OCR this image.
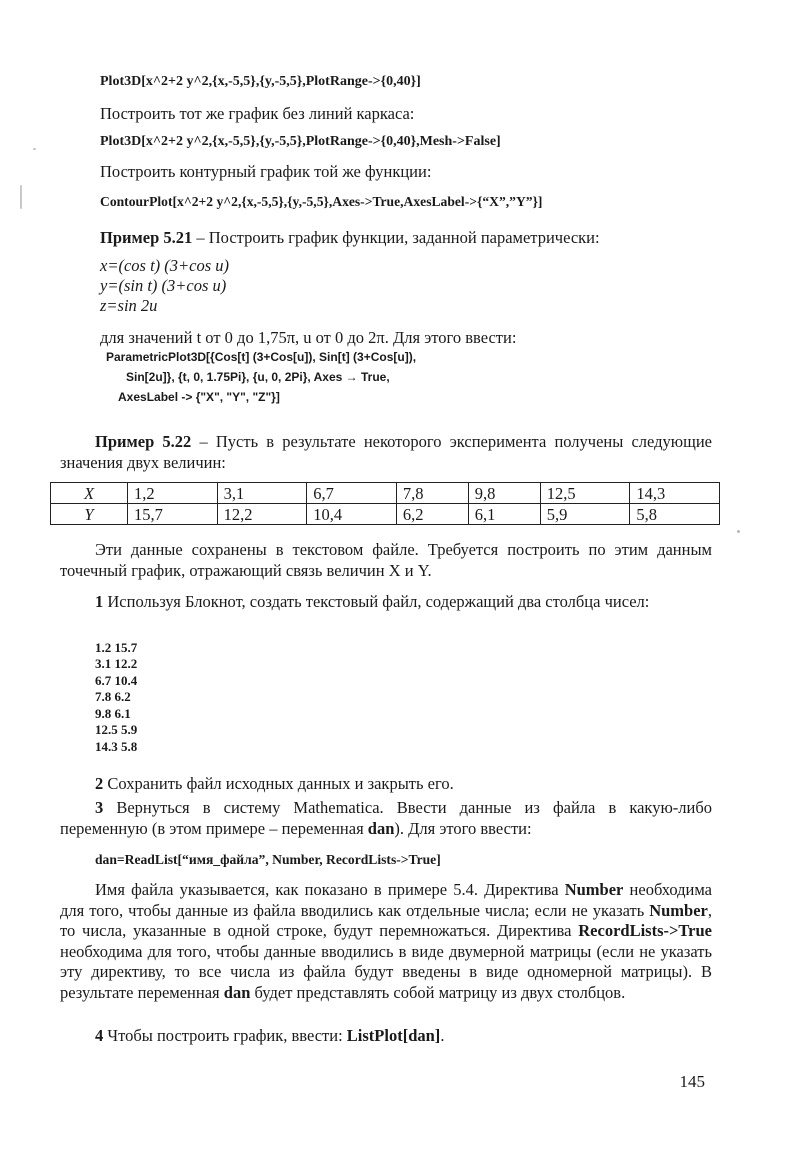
Plot3D[x^2+2 y^2,{x,-5,5},{y,-5,5},PlotRange->{0,40}]
Построить тот же график без линий каркаса:
Plot3D[x^2+2 y^2,{x,-5,5},{y,-5,5},PlotRange->{0,40},Mesh->False]
Построить контурный график той же функции:
ContourPlot[x^2+2 y^2,{x,-5,5},{y,-5,5},Axes->True,AxesLabel->{“X”,”Y”}]
Пример 5.21 – Построить график функции, заданной параметрически:
x=(cos t) (3+cos u)
y=(sin t) (3+cos u)
z=sin 2u
для значений t от 0 до 1,75π, u от 0 до 2π. Для этого ввести:
ParametricPlot3D[{Cos[t] (3+Cos[u]), Sin[t] (3+Cos[u]),
Sin[2u]}, {t, 0, 1.75Pi}, {u, 0, 2Pi}, Axes → True,
AxesLabel -> {"X", "Y", "Z"}]
Пример 5.22 – Пусть в результате некоторого эксперимента получены следующие значения двух величин:
X	1,2	3,1	6,7	7,8	9,8	12,5	14,3
Y	15,7	12,2	10,4	6,2	6,1	5,9	5,8
Эти данные сохранены в текстовом файле. Требуется построить по этим данным точечный график, отражающий связь величин X и Y.
1 Используя Блокнот, создать текстовый файл, содержащий два столбца чисел:
1.2 15.7
3.1 12.2
6.7 10.4
7.8 6.2
9.8 6.1
12.5 5.9
14.3 5.8
2 Сохранить файл исходных данных и закрыть его.
3 Вернуться в систему Mathematica. Ввести данные из файла в какую-либо переменную (в этом примере – переменная dan). Для этого ввести:
dan=ReadList[“имя_файла”, Number, RecordLists->True]
Имя файла указывается, как показано в примере 5.4. Директива Number необходима для того, чтобы данные из файла вводились как отдельные числа; если не указать Number, то числа, указанные в одной строке, будут перемножаться. Директива RecordLists->True необходима для того, чтобы данные вводились в виде двумерной матрицы (если не указать эту директиву, то все числа из файла будут введены в виде одномерной матрицы). В результате переменная dan будет представлять собой матрицу из двух столбцов.
4 Чтобы построить график, ввести: ListPlot[dan].
145
